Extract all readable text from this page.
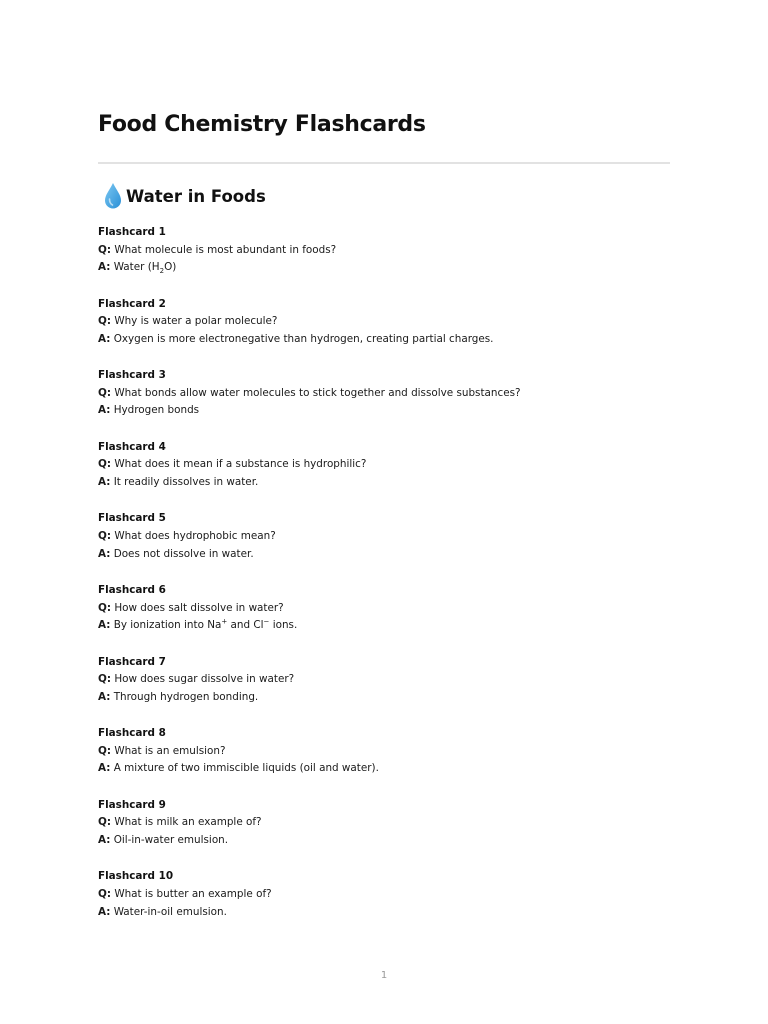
Food Chemistry Flashcards
Water in Foods
Flashcard 1
Q: What molecule is most abundant in foods?
A: Water $(H_2O)$
Flashcard 2
Q: Why is water a polar molecule?
A: Oxygen is more electronegative than hydrogen, creating partial charges.
Flashcard 3
Q: What bonds allow water molecules to stick together and dissolve substances?
A: Hydrogen bonds
Flashcard 4
Q: What does it mean if a substance is hydrophilic?
A: It readily dissolves in water.
Flashcard 5
Q: What does hydrophobic mean?
A: Does not dissolve in water.
Flashcard 6
Q: How does salt dissolve in water?
A: By ionization into Na+ and Cl− ions.
Flashcard 7
Q: How does sugar dissolve in water?
A: Through hydrogen bonding.
Flashcard 8
Q: What is an emulsion?
A: A mixture of two immiscible liquids (oil and water).
Flashcard 9
Q: What is milk an example of?
A: Oil-in-water emulsion.
Flashcard 10
Q: What is butter an example of?
A: Water-in-oil emulsion.
1
